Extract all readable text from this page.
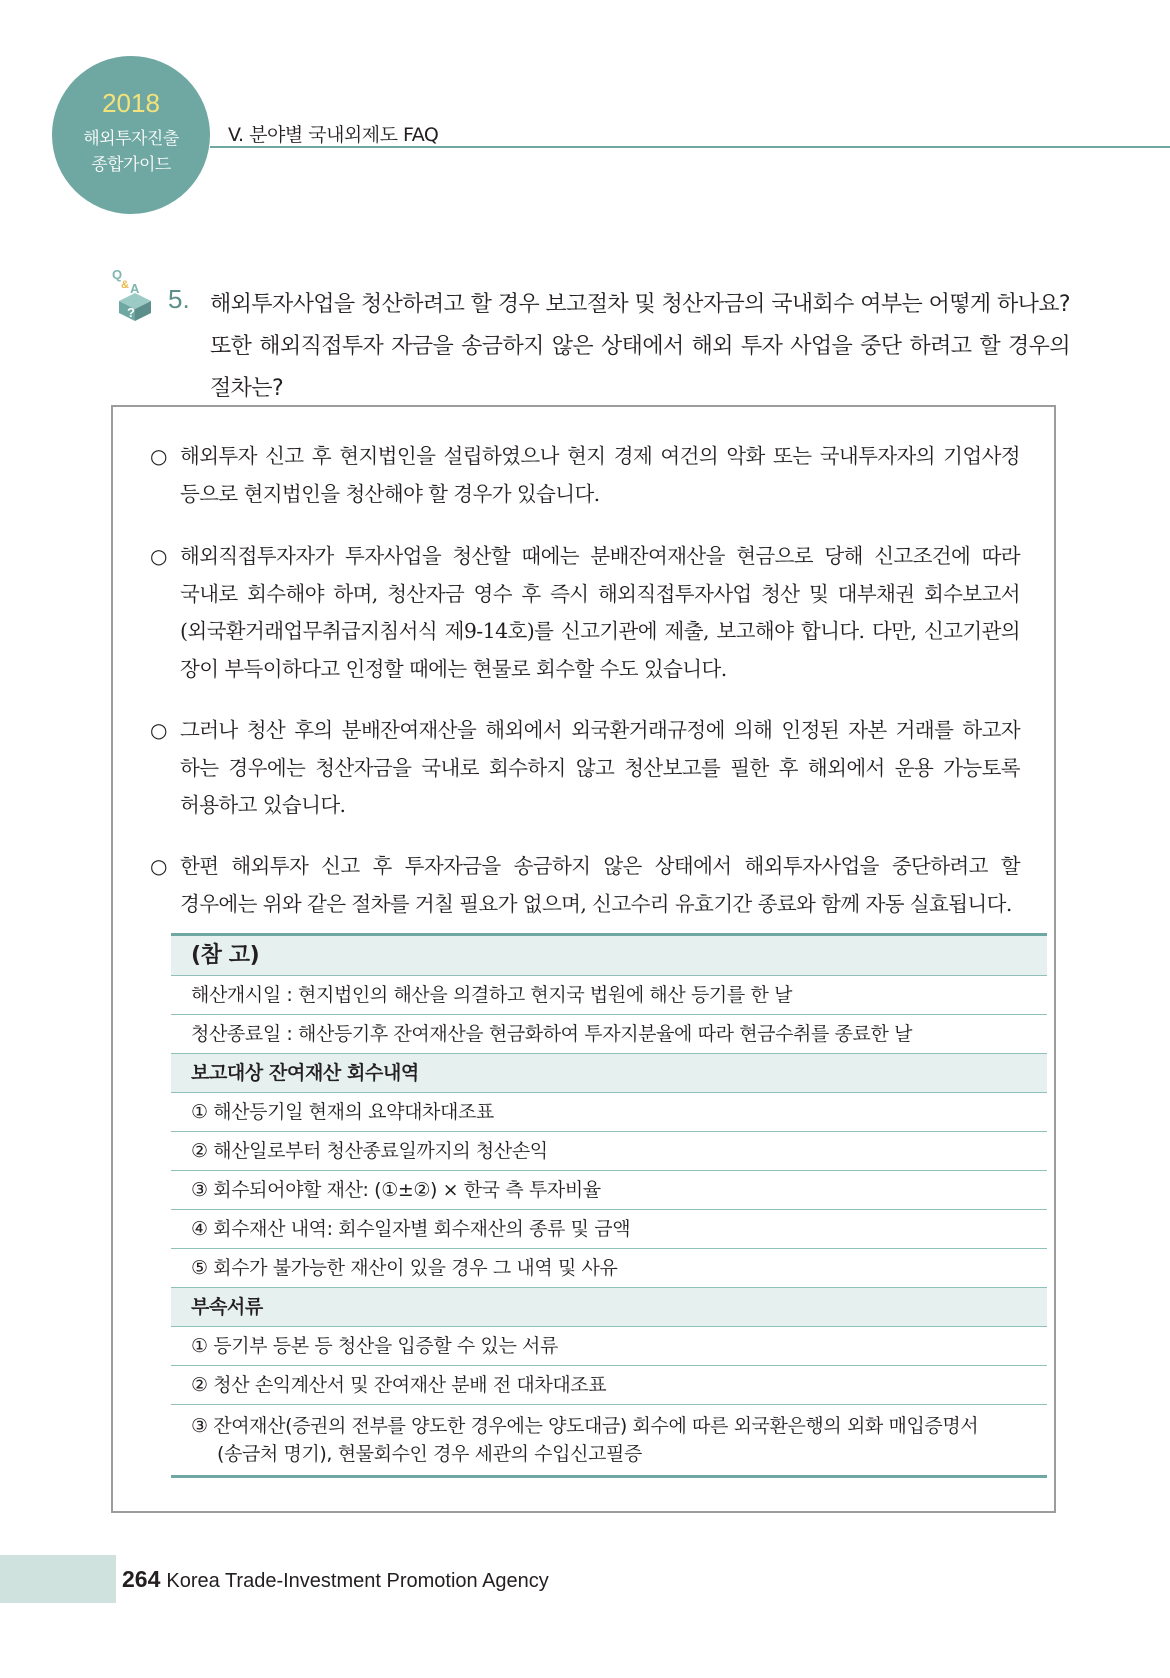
2018
해외투자진출
종합가이드
V. 분야별 국내외제도 FAQ
?
Q
& A 5. 해외투자사업을 청산하려고 할 경우 보고절차 및 청산자금의 국내회수 여부는 어떻게 하나요?
또한 해외직접투자 자금을 송금하지 않은 상태에서 해외 투자 사업을 중단 하려고 할 경우의
절차는?
○ 해외투자 신고 후 현지법인을 설립하였으나 현지 경제 여건의 악화 또는 국내투자자의 기업사정
등으로 현지법인을 청산해야 할 경우가 있습니다.
○ 해외직접투자자가 투자사업을 청산할 때에는 분배잔여재산을 현금으로 당해 신고조건에 따라
국내로 회수해야 하며, 청산자금 영수 후 즉시 해외직접투자사업 청산 및 대부채권 회수보고서
(외국환거래업무취급지침서식 제9-14호)를 신고기관에 제출, 보고해야 합니다. 다만, 신고기관의
장이 부득이하다고 인정할 때에는 현물로 회수할 수도 있습니다.
○ 그러나 청산 후의 분배잔여재산을 해외에서 외국환거래규정에 의해 인정된 자본 거래를 하고자
하는 경우에는 청산자금을 국내로 회수하지 않고 청산보고를 필한 후 해외에서 운용 가능토록
허용하고 있습니다.
○ 한편 해외투자 신고 후 투자자금을 송금하지 않은 상태에서 해외투자사업을 중단하려고 할
경우에는 위와 같은 절차를 거칠 필요가 없으며, 신고수리 유효기간 종료와 함께 자동 실효됩니다.
(참 고)
해산개시일 : 현지법인의 해산을 의결하고 현지국 법원에 해산 등기를 한 날
청산종료일 : 해산등기후 잔여재산을 현금화하여 투자지분율에 따라 현금수취를 종료한 날
보고대상 잔여재산 회수내역
① 해산등기일 현재의 요약대차대조표
② 해산일로부터 청산종료일까지의 청산손익
③ 회수되어야할 재산: (①±②) × 한국 측 투자비율
④ 회수재산 내역: 회수일자별 회수재산의 종류 및 금액
⑤ 회수가 불가능한 재산이 있을 경우 그 내역 및 사유
부속서류
① 등기부 등본 등 청산을 입증할 수 있는 서류
② 청산 손익계산서 및 잔여재산 분배 전 대차대조표
③ 잔여재산(증권의 전부를 양도한 경우에는 양도대금) 회수에 따른 외국환은행의 외화 매입증명서
(송금처 명기), 현물회수인 경우 세관의 수입신고필증
264 Korea Trade-Investment Promotion Agency
